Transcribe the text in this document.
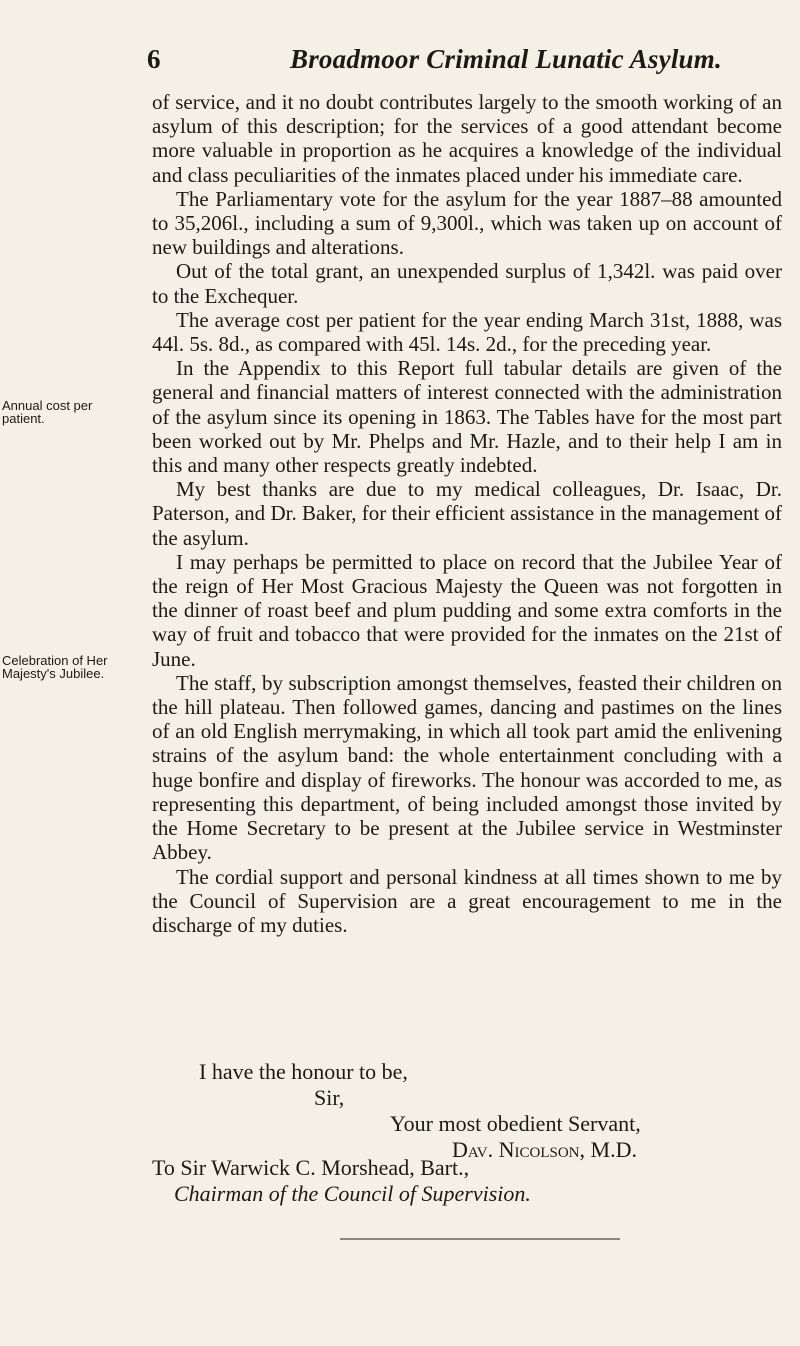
6	Broadmoor Criminal Lunatic Asylum.
Annual cost per patient.
Celebration of Her Majesty's Jubilee.

of service, and it no doubt contributes largely to the smooth working of an asylum of this description; for the services of a good attendant become more valuable in proportion as he acquires a knowledge of the individual and class peculiarities of the inmates placed under his immediate care.

The Parliamentary vote for the asylum for the year 1887–88 amounted to 35,206l., including a sum of 9,300l., which was taken up on account of new buildings and alterations.

Out of the total grant, an unexpended surplus of 1,342l. was paid over to the Exchequer.

The average cost per patient for the year ending March 31st, 1888, was 44l. 5s. 8d., as compared with 45l. 14s. 2d., for the preceding year.

In the Appendix to this Report full tabular details are given of the general and financial matters of interest connected with the administration of the asylum since its opening in 1863. The Tables have for the most part been worked out by Mr. Phelps and Mr. Hazle, and to their help I am in this and many other respects greatly indebted.

My best thanks are due to my medical colleagues, Dr. Isaac, Dr. Paterson, and Dr. Baker, for their efficient assistance in the management of the asylum.

I may perhaps be permitted to place on record that the Jubilee Year of the reign of Her Most Gracious Majesty the Queen was not forgotten in the dinner of roast beef and plum pudding and some extra comforts in the way of fruit and tobacco that were provided for the inmates on the 21st of June.

The staff, by subscription amongst themselves, feasted their children on the hill plateau. Then followed games, dancing and pastimes on the lines of an old English merrymaking, in which all took part amid the enlivening strains of the asylum band: the whole entertainment concluding with a huge bonfire and display of fireworks. The honour was accorded to me, as representing this department, of being included amongst those invited by the Home Secretary to be present at the Jubilee service in Westminster Abbey.

The cordial support and personal kindness at all times shown to me by the Council of Supervision are a great encouragement to me in the discharge of my duties.

I have the honour to be,
Sir,
Your most obedient Servant,
Dav. Nicolson, M.D.
To Sir Warwick C. Morshead, Bart.,
Chairman of the Council of Supervision.
